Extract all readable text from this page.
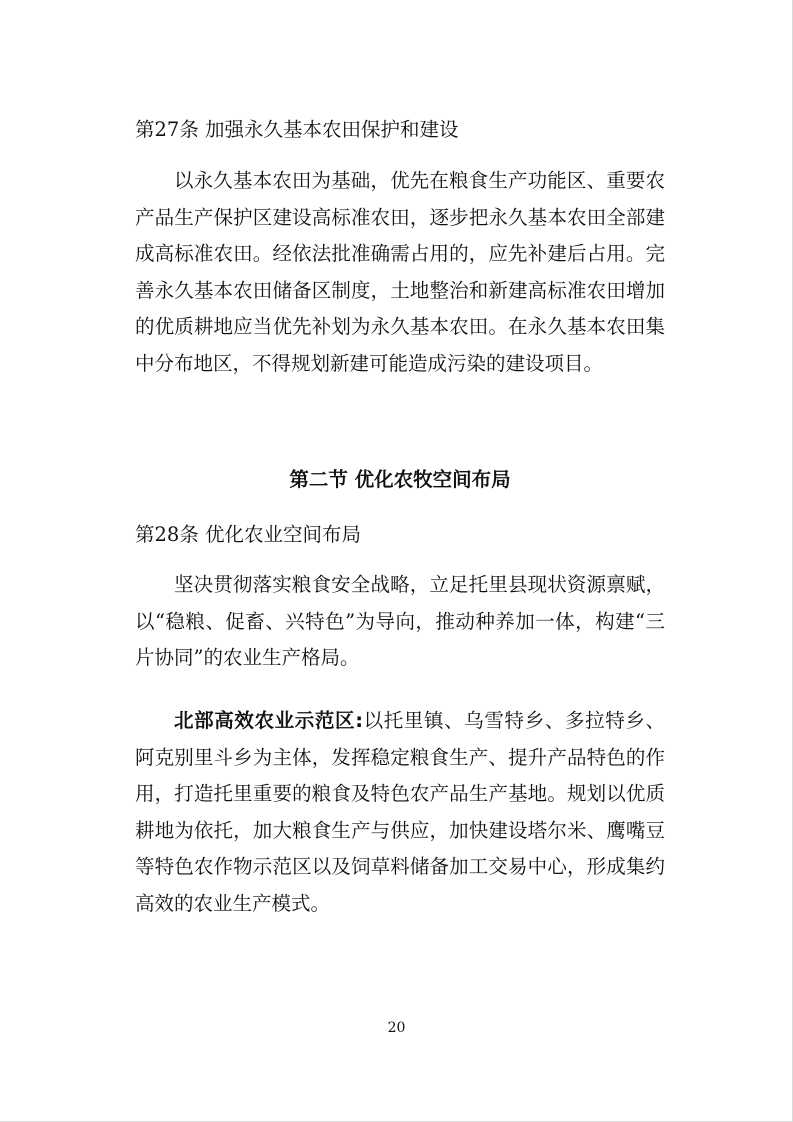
第27条 加强永久基本农田保护和建设

以永久基本农田为基础，优先在粮食生产功能区、重要农产品生产保护区建设高标准农田，逐步把永久基本农田全部建成高标准农田。经依法批准确需占用的，应先补建后占用。完善永久基本农田储备区制度，土地整治和新建高标准农田增加的优质耕地应当优先补划为永久基本农田。在永久基本农田集中分布地区，不得规划新建可能造成污染的建设项目。

第二节 优化农牧空间布局

第28条 优化农业空间布局

坚决贯彻落实粮食安全战略，立足托里县现状资源禀赋，以“稳粮、促畜、兴特色”为导向，推动种养加一体，构建“三片协同”的农业生产格局。

北部高效农业示范区:以托里镇、乌雪特乡、多拉特乡、阿克别里斗乡为主体，发挥稳定粮食生产、提升产品特色的作用，打造托里重要的粮食及特色农产品生产基地。规划以优质耕地为依托，加大粮食生产与供应，加快建设塔尔米、鹰嘴豆等特色农作物示范区以及饲草料储备加工交易中心，形成集约高效的农业生产模式。

20
